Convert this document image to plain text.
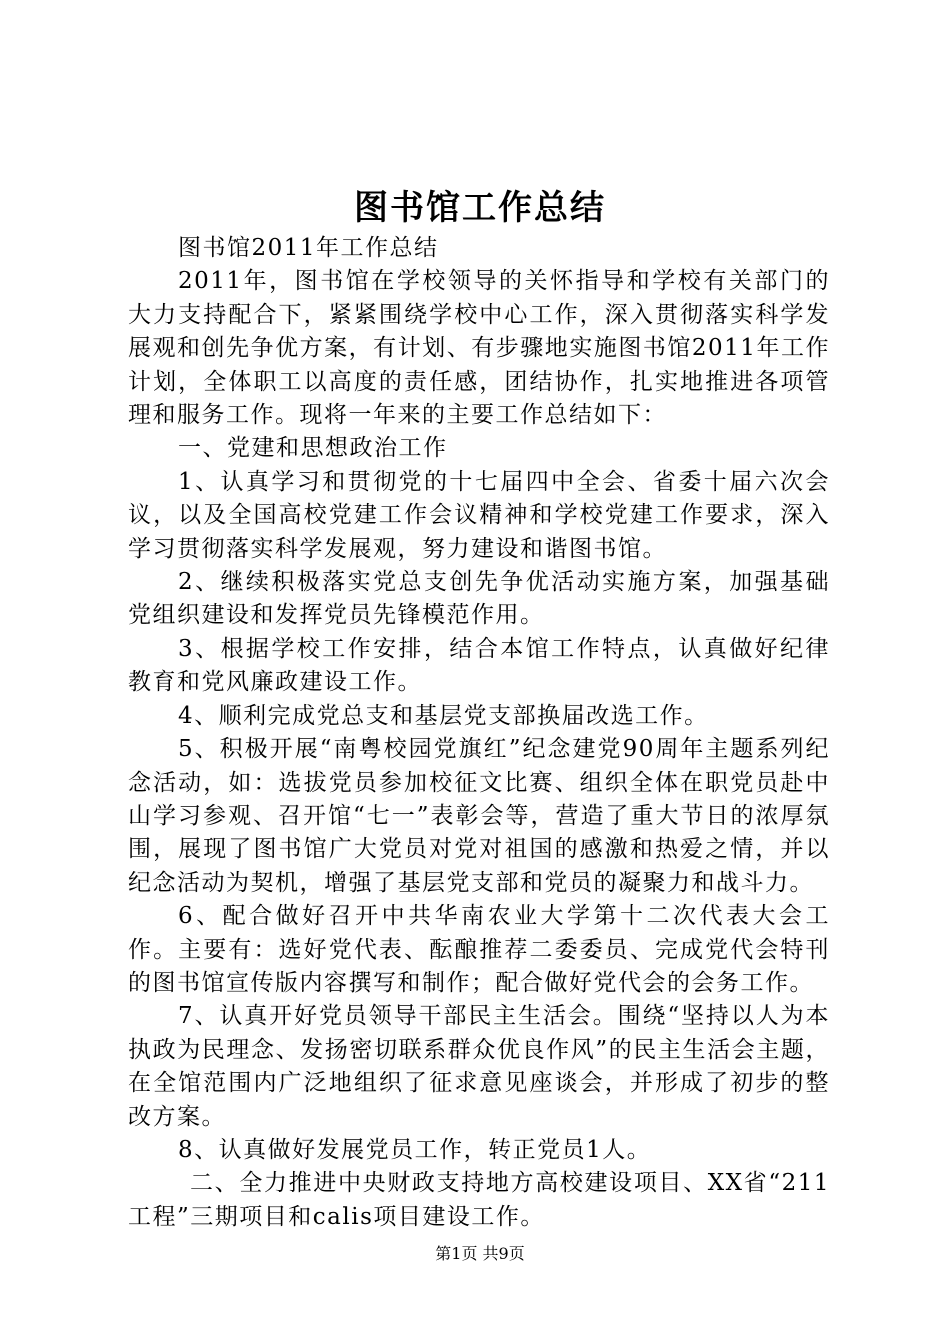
图书馆工作总结

图书馆2011年工作总结

2011年，图书馆在学校领导的关怀指导和学校有关部门的大力支持配合下，紧紧围绕学校中心工作，深入贯彻落实科学发展观和创先争优方案，有计划、有步骤地实施图书馆2011年工作计划，全体职工以高度的责任感，团结协作，扎实地推进各项管理和服务工作。现将一年来的主要工作总结如下：

一、党建和思想政治工作

1、认真学习和贯彻党的十七届四中全会、省委十届六次会议，以及全国高校党建工作会议精神和学校党建工作要求，深入学习贯彻落实科学发展观，努力建设和谐图书馆。

2、继续积极落实党总支创先争优活动实施方案，加强基础党组织建设和发挥党员先锋模范作用。

3、根据学校工作安排，结合本馆工作特点，认真做好纪律教育和党风廉政建设工作。

4、顺利完成党总支和基层党支部换届改选工作。

5、积极开展“南粤校园党旗红”纪念建党90周年主题系列纪念活动，如：选拔党员参加校征文比赛、组织全体在职党员赴中山学习参观、召开馆“七一”表彰会等，营造了重大节日的浓厚氛围，展现了图书馆广大党员对党对祖国的感激和热爱之情，并以纪念活动为契机，增强了基层党支部和党员的凝聚力和战斗力。

6、配合做好召开中共华南农业大学第十二次代表大会工作。主要有：选好党代表、酝酿推荐二委委员、完成党代会特刊的图书馆宣传版内容撰写和制作；配合做好党代会的会务工作。

7、认真开好党员领导干部民主生活会。围绕“坚持以人为本执政为民理念、发扬密切联系群众优良作风”的民主生活会主题，在全馆范围内广泛地组织了征求意见座谈会，并形成了初步的整改方案。

8、认真做好发展党员工作，转正党员1人。

二、全力推进中央财政支持地方高校建设项目、XX省“211工程”三期项目和calis项目建设工作。

第1页 共9页
